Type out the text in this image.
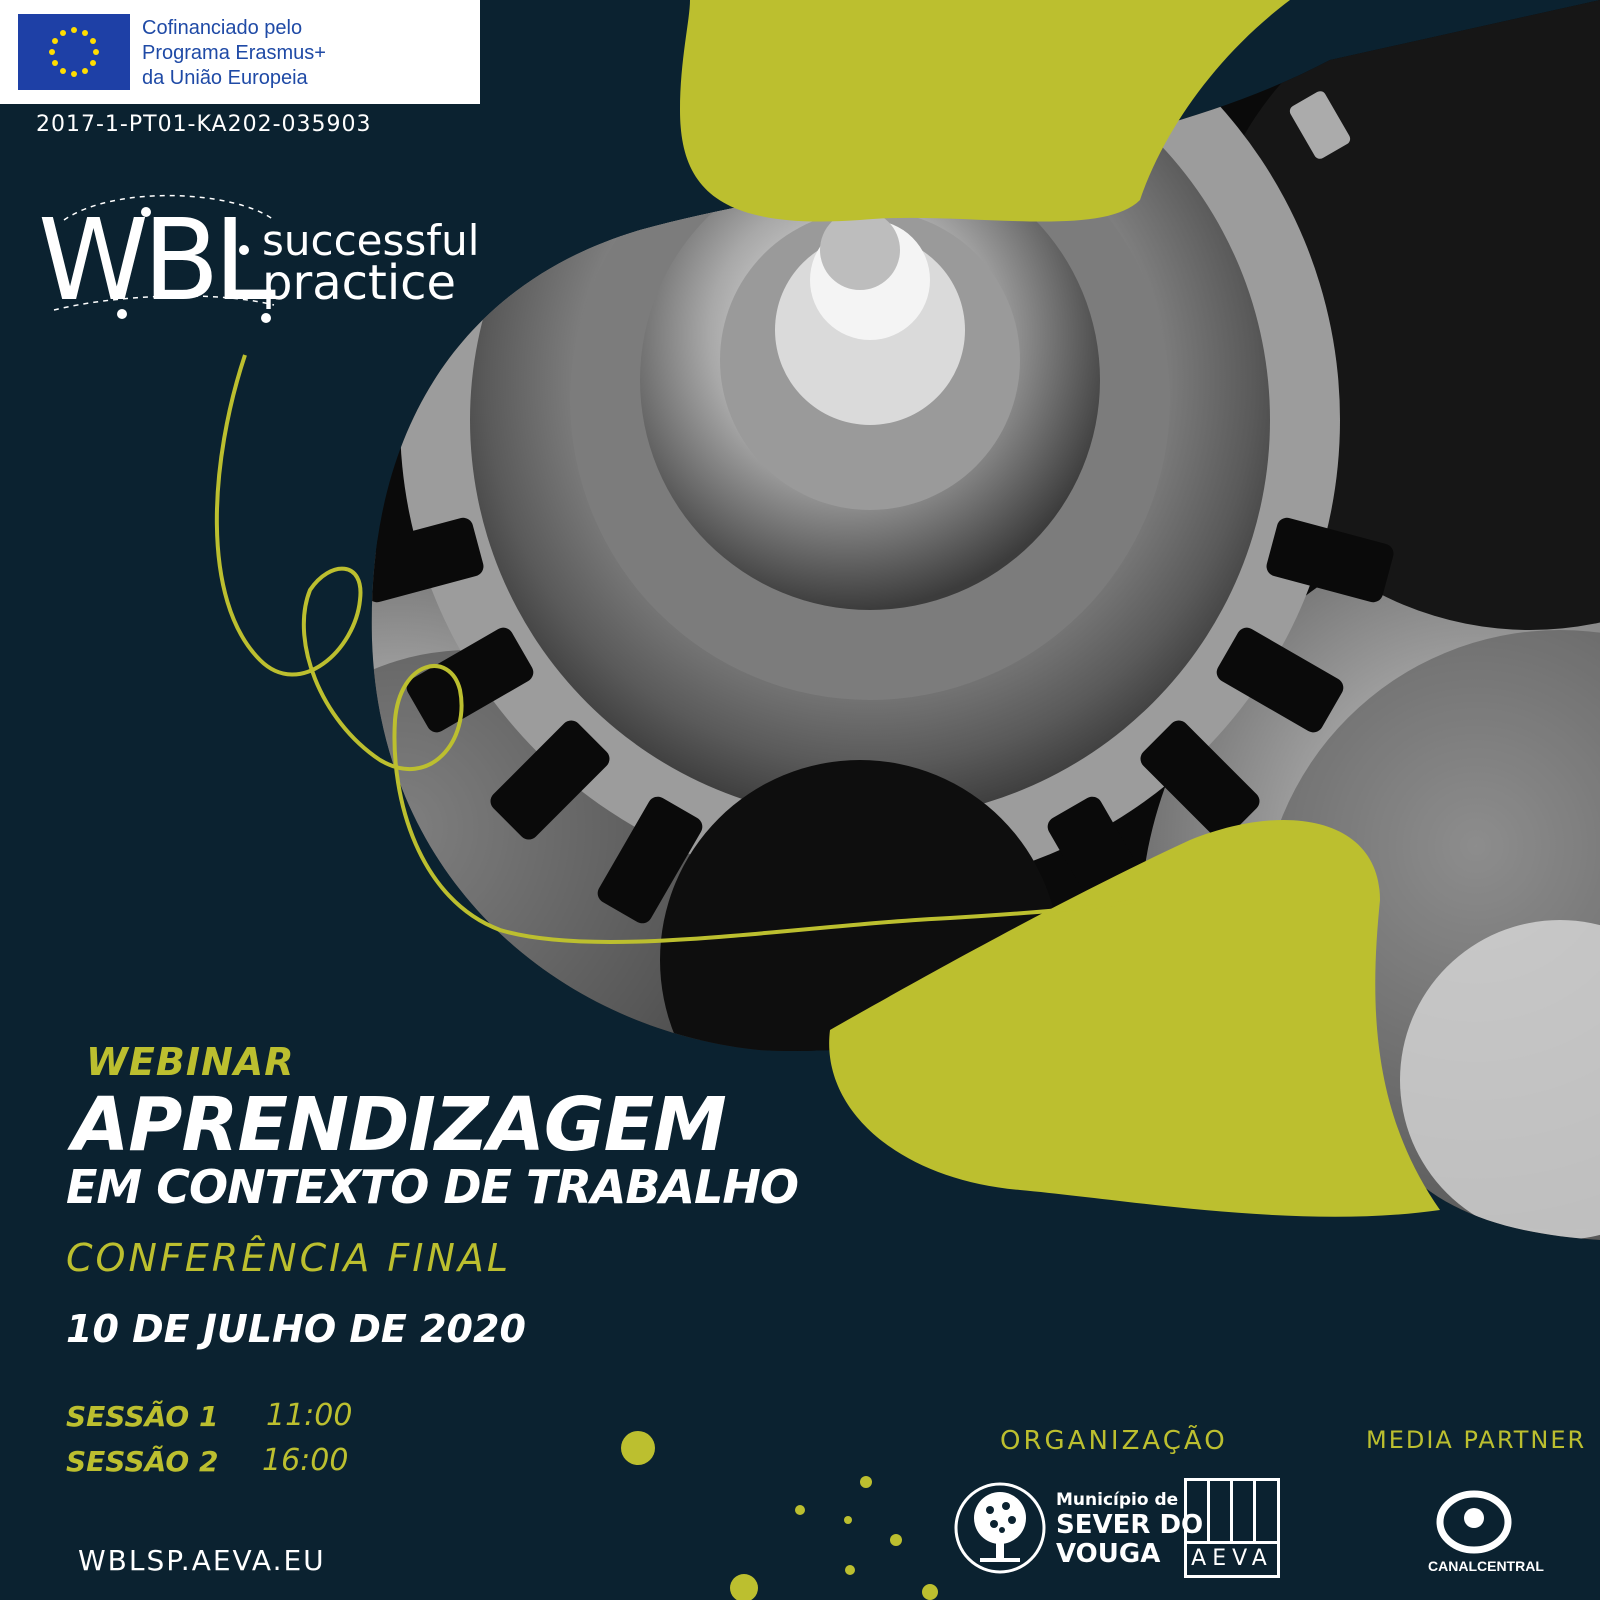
Cofinanciado pelo
Programa Erasmus+
da União Europeia
2017-1-PT01-KA202-035903
WBL
successful
practice
WEBINAR
APRENDIZAGEM
EM CONTEXTO DE TRABALHO
CONFERÊNCIA FINAL
10 DE JULHO DE 2020
SESSÃO 1 11:00
SESSÃO 2 16:00
WBLSP.AEVA.EU
ORGANIZAÇÃO
Município de
SEVER DO
VOUGA	AEVA
MEDIA PARTNER
CANALCENTRAL
